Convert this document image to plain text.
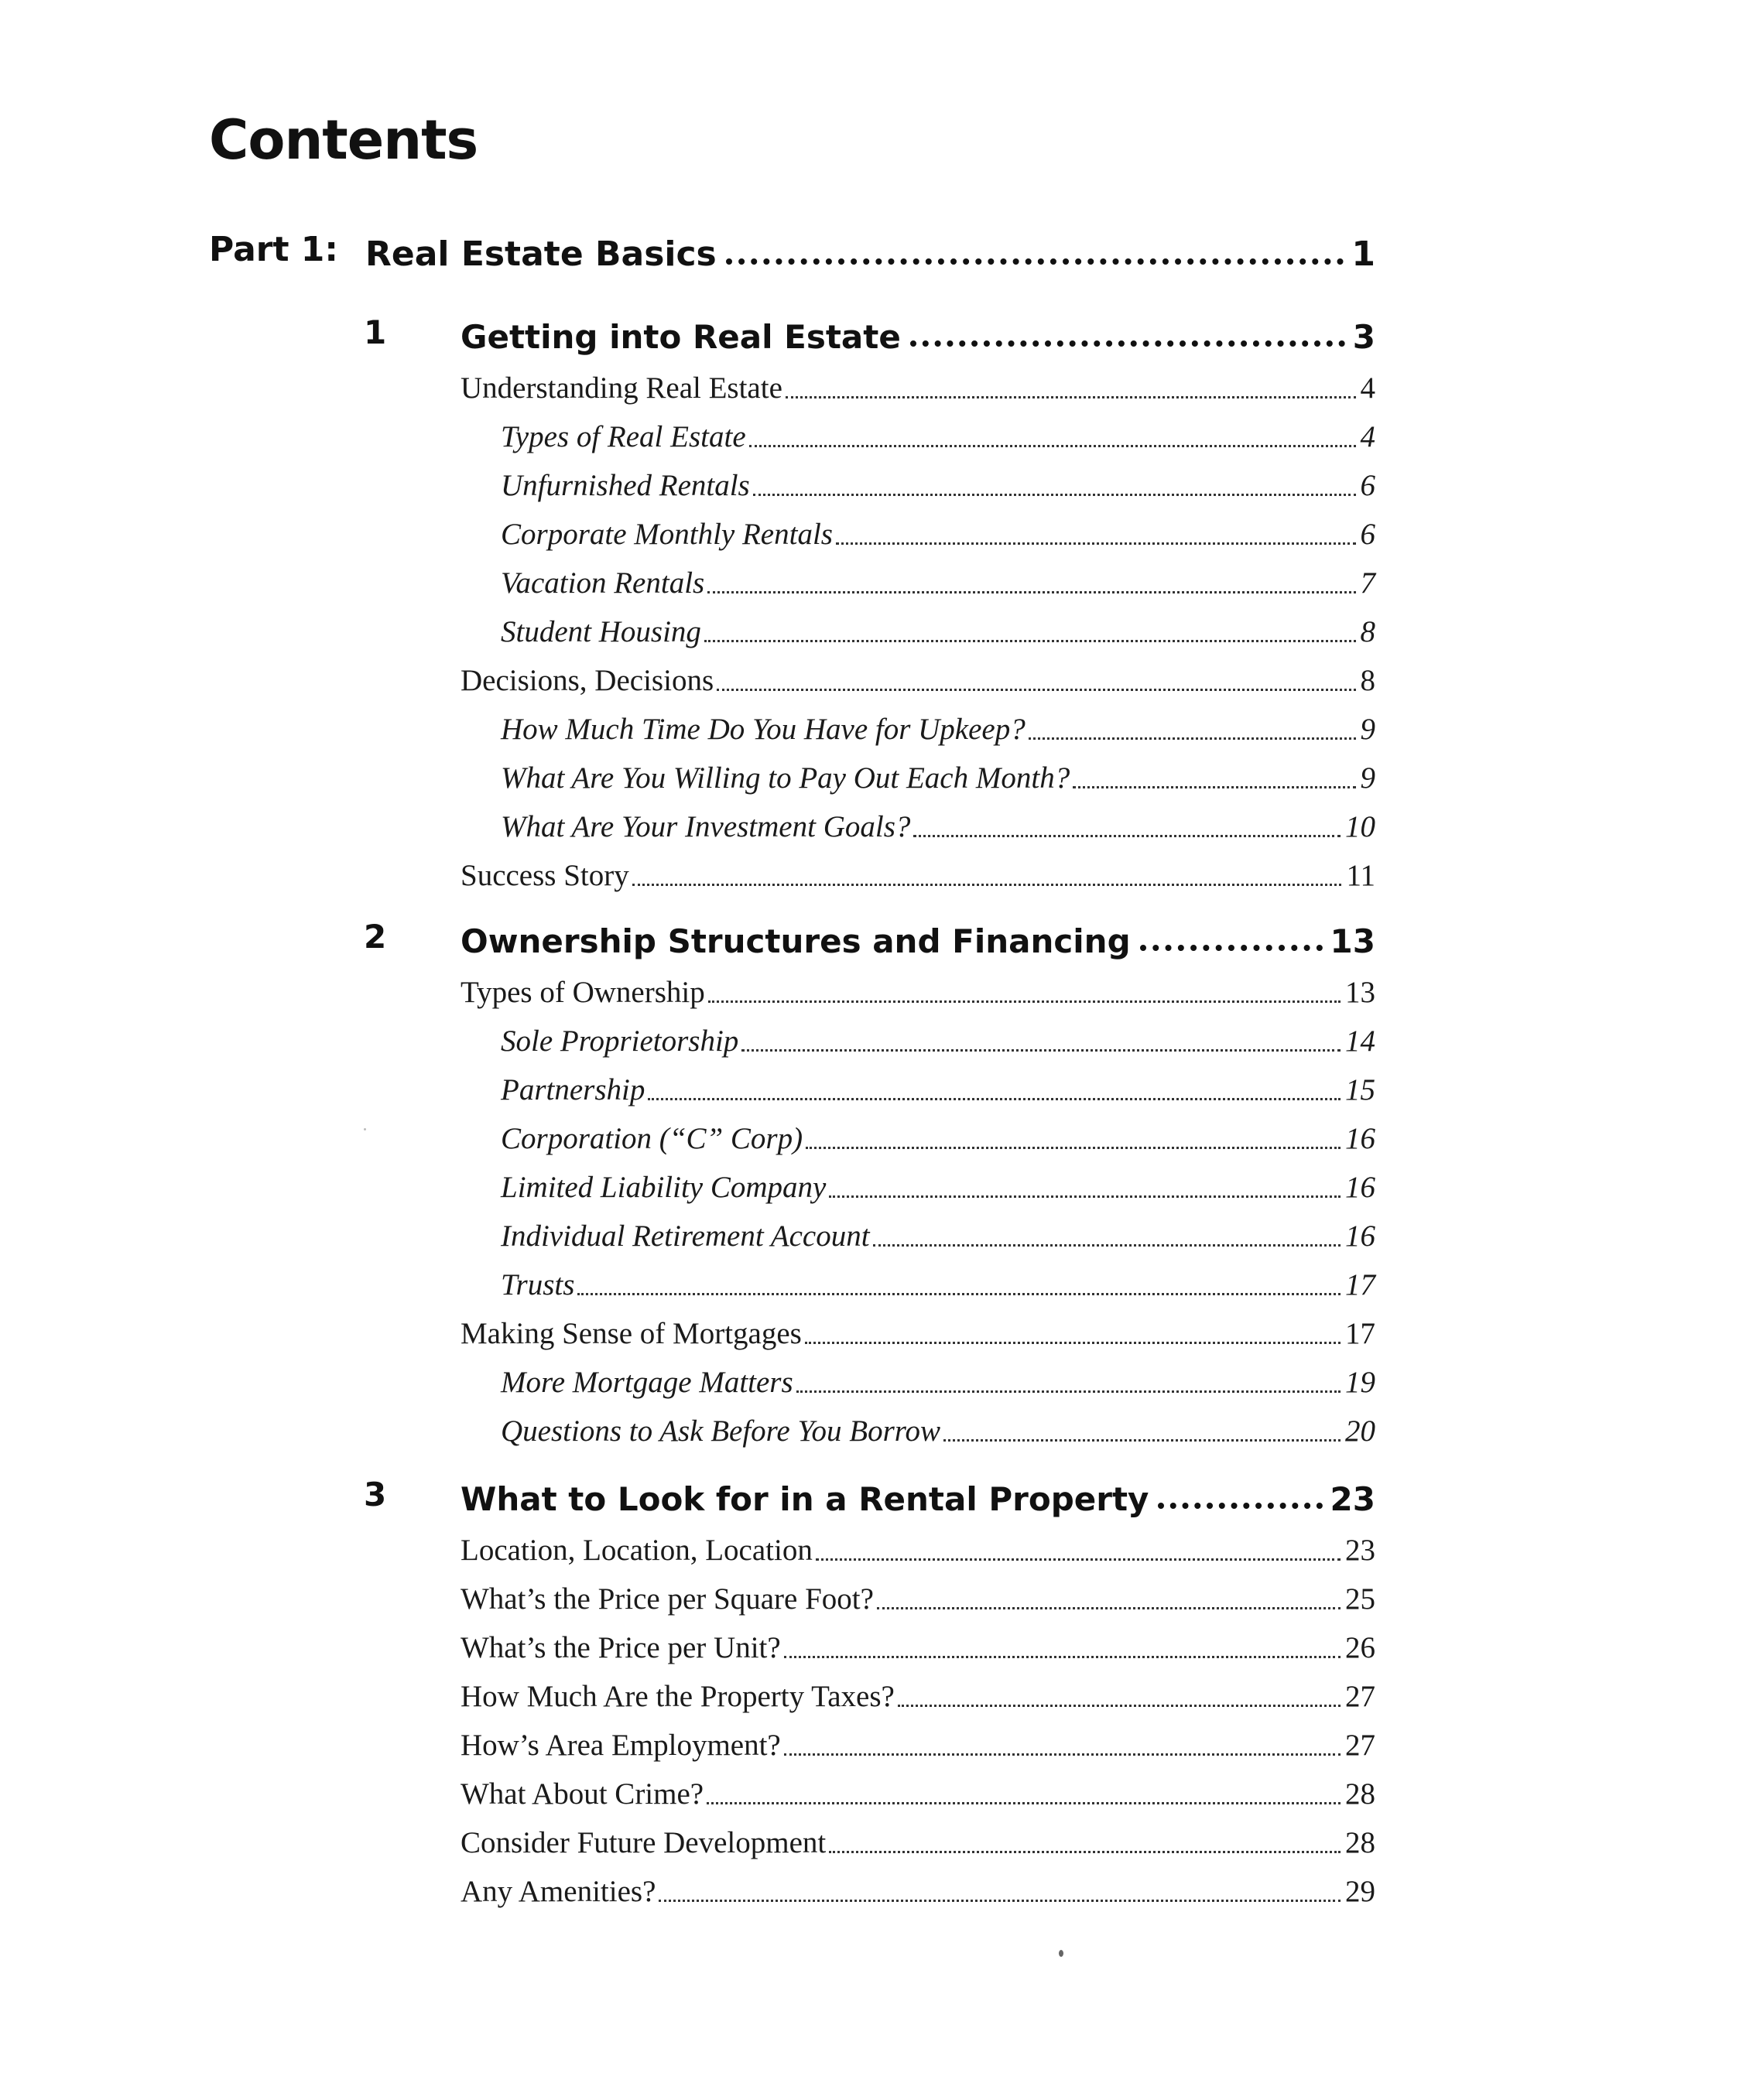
Contents
Part 1: Real Estate Basics	1
1 Getting into Real Estate	3
Understanding Real Estate	4
Types of Real Estate	4
Unfurnished Rentals	6
Corporate Monthly Rentals	6
Vacation Rentals	7
Student Housing	8
Decisions, Decisions	8
How Much Time Do You Have for Upkeep?	9
What Are You Willing to Pay Out Each Month?	9
What Are Your Investment Goals?	10
Success Story	11
2 Ownership Structures and Financing	13
Types of Ownership	13
Sole Proprietorship	14
Partnership	15
Corporation (“C” Corp)	16
Limited Liability Company	16
Individual Retirement Account	16
Trusts	17
Making Sense of Mortgages	17
More Mortgage Matters	19
Questions to Ask Before You Borrow	20
3 What to Look for in a Rental Property	23
Location, Location, Location	23
What’s the Price per Square Foot?	25
What’s the Price per Unit?	26
How Much Are the Property Taxes?	27
How’s Area Employment?	27
What About Crime?	28
Consider Future Development	28
Any Amenities?	29
